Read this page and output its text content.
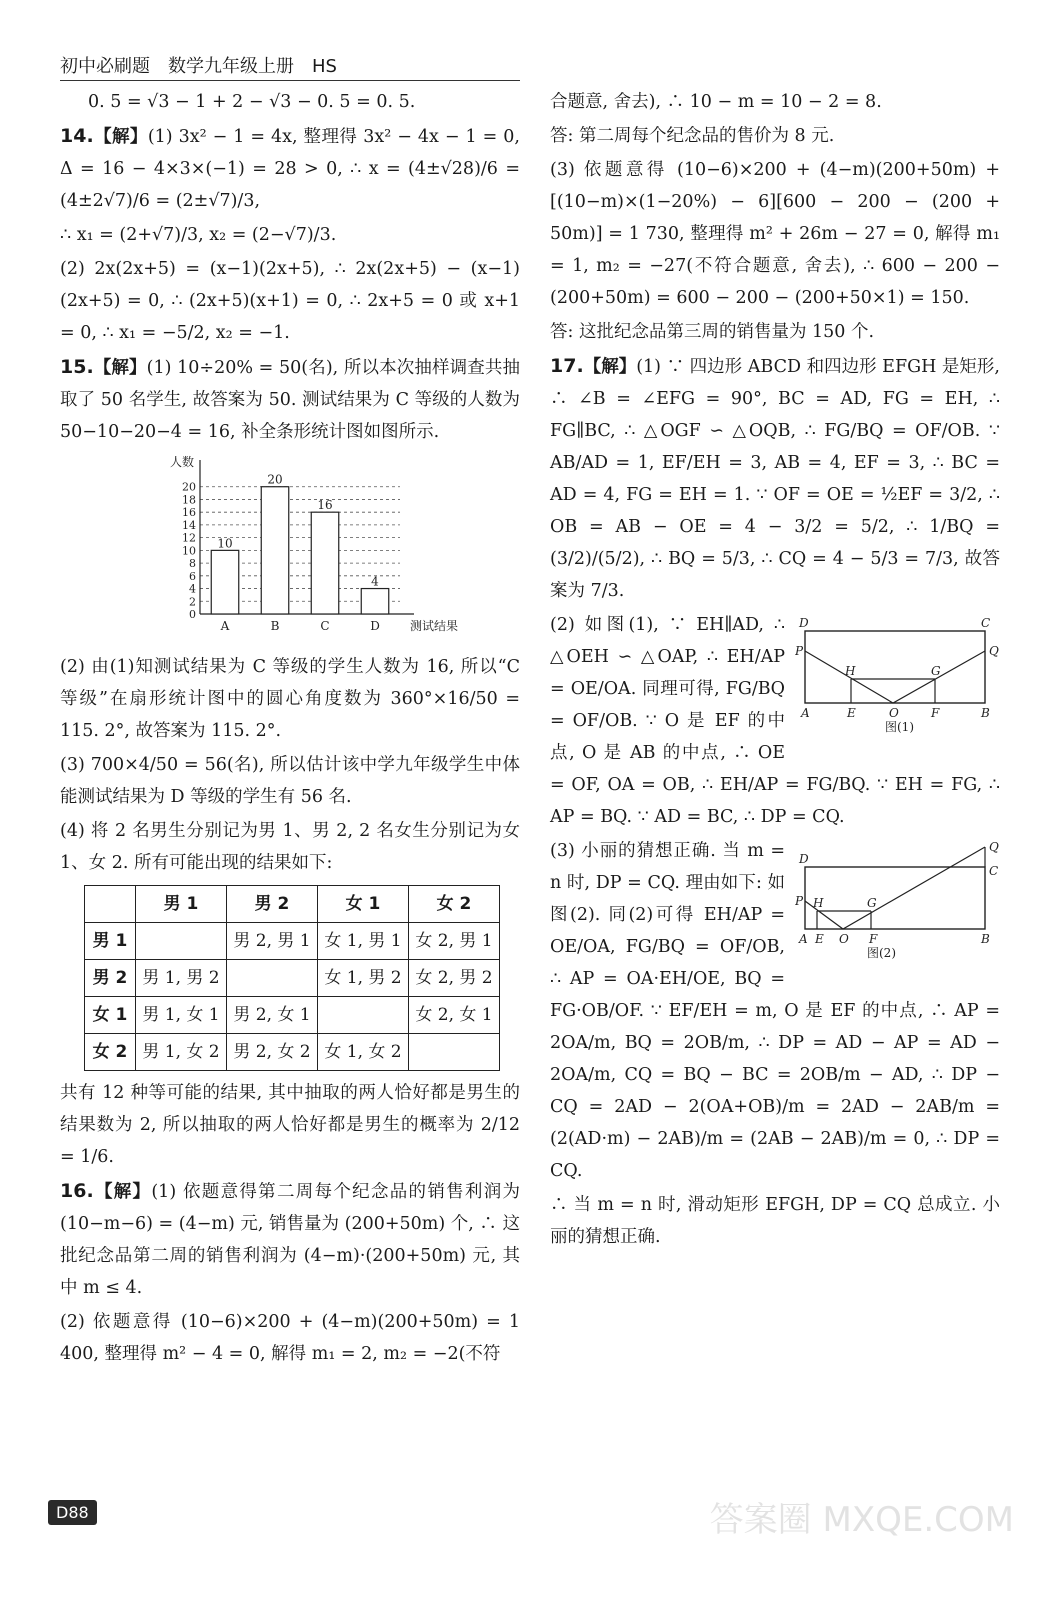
初中必刷题　数学九年级上册　HS

0. 5 = √3 − 1 + 2 − √3 − 0. 5 = 0. 5.

14.【解】(1) 3x² − 1 = 4x, 整理得 3x² − 4x − 1 = 0, Δ = 16 − 4×3×(−1) = 28 > 0, ∴ x = (4±√28)/6 = (4±2√7)/6 = (2±√7)/3,

∴ x₁ = (2+√7)/3, x₂ = (2−√7)/3.

(2) 2x(2x+5) = (x−1)(2x+5), ∴ 2x(2x+5) − (x−1)(2x+5) = 0, ∴ (2x+5)(x+1) = 0, ∴ 2x+5 = 0 或 x+1 = 0, ∴ x₁ = −5/2, x₂ = −1.

15.【解】(1) 10÷20% = 50(名), 所以本次抽样调查共抽取了 50 名学生, 故答案为 50. 测试结果为 C 等级的人数为 50−10−20−4 = 16, 补全条形统计图如图所示.

0
2
4
6
8
10
12
14
16
18
20
人数
测试结果
10
A
20
B
16
C
4
D

(2) 由(1)知测试结果为 C 等级的学生人数为 16, 所以“C 等级”在扇形统计图中的圆心角度数为 360°×16/50 = 115. 2°, 故答案为 115. 2°.

(3) 700×4/50 = 56(名), 所以估计该中学九年级学生中体能测试结果为 D 等级的学生有 56 名.

(4) 将 2 名男生分别记为男 1、男 2, 2 名女生分别记为女 1、女 2. 所有可能出现的结果如下:

	男 1	男 2	女 1	女 2
男 1		男 2, 男 1	女 1, 男 1	女 2, 男 1
男 2	男 1, 男 2		女 1, 男 2	女 2, 男 2
女 1	男 1, 女 1	男 2, 女 1		女 2, 女 1
女 2	男 1, 女 2	男 2, 女 2	女 1, 女 2	

共有 12 种等可能的结果, 其中抽取的两人恰好都是男生的结果数为 2, 所以抽取的两人恰好都是男生的概率为 2/12 = 1/6.

16.【解】(1) 依题意得第二周每个纪念品的销售利润为 (10−m−6) = (4−m) 元, 销售量为 (200+50m) 个, ∴ 这批纪念品第二周的销售利润为 (4−m)·(200+50m) 元, 其中 m ≤ 4.

(2) 依题意得 (10−6)×200 + (4−m)(200+50m) = 1 400, 整理得 m² − 4 = 0, 解得 m₁ = 2, m₂ = −2(不符

合题意, 舍去), ∴ 10 − m = 10 − 2 = 8.

答: 第二周每个纪念品的售价为 8 元.

(3) 依题意得 (10−6)×200 + (4−m)(200+50m) + [(10−m)×(1−20%) − 6][600 − 200 − (200 + 50m)] = 1 730, 整理得 m² + 26m − 27 = 0, 解得 m₁ = 1, m₂ = −27(不符合题意, 舍去), ∴ 600 − 200 − (200+50m) = 600 − 200 − (200+50×1) = 150.

答: 这批纪念品第三周的销售量为 150 个.

17.【解】(1) ∵ 四边形 ABCD 和四边形 EFGH 是矩形, ∴ ∠B = ∠EFG = 90°, BC = AD, FG = EH, ∴ FG∥BC, ∴ △OGF ∽ △OQB, ∴ FG/BQ = OF/OB. ∵ AB/AD = 1, EF/EH = 3, AB = 4, EF = 3, ∴ BC = AD = 4, FG = EH = 1. ∵ OF = OE = ½EF = 3/2, ∴ OB = AB − OE = 4 − 3/2 = 5/2, ∴ 1/BQ = (3/2)/(5/2), ∴ BQ = 5/3, ∴ CQ = 4 − 5/3 = 7/3, 故答案为 7/3.

D	C
P	Q
H	G
A	E	O	F	B
图(1)

(2) 如图(1), ∵ EH∥AD, ∴ △OEH ∽ △OAP, ∴ EH/AP = OE/OA. 同理可得, FG/BQ = OF/OB. ∵ O 是 EF 的中点, O 是 AB 的中点, ∴ OE = OF, OA = OB, ∴ EH/AP = FG/BQ. ∵ EH = FG, ∴ AP = BQ. ∵ AD = BC, ∴ DP = CQ.

Q
D
C
P H	G
A E O F	B
图(2)

(3) 小丽的猜想正确. 当 m = n 时, DP = CQ. 理由如下: 如图(2). 同(2)可得 EH/AP = OE/OA, FG/BQ = OF/OB, ∴ AP = OA·EH/OE, BQ = FG·OB/OF. ∵ EF/EH = m, O 是 EF 的中点, ∴ AP = 2OA/m, BQ = 2OB/m, ∴ DP = AD − AP = AD − 2OA/m, CQ = BQ − BC = 2OB/m − AD, ∴ DP − CQ = 2AD − 2(OA+OB)/m = 2AD − 2AB/m = (2(AD·m) − 2AB)/m = (2AB − 2AB)/m = 0, ∴ DP = CQ.

∴ 当 m = n 时, 滑动矩形 EFGH, DP = CQ 总成立. 小丽的猜想正确.

D88	答案圈 MXQE.COM
